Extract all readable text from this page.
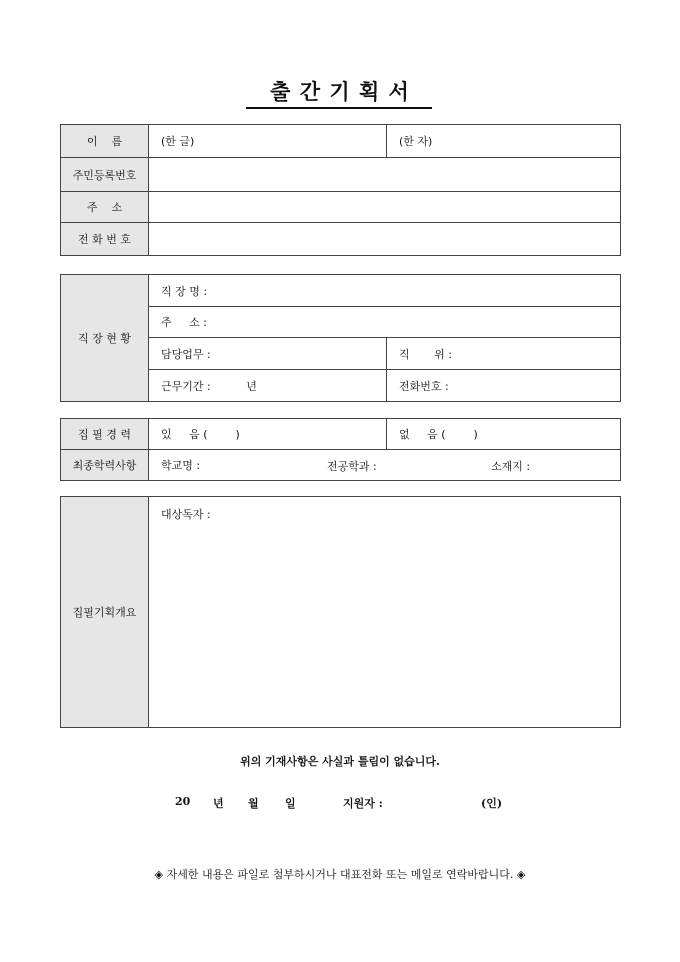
출 간 기 획 서
이    름	(한 글)	(한 자)
주민등록번호		
주    소		
전 화 번 호		
직 장 현 황	직 장 명 :	
	주     소 :	
	담당업무 :	직       위 :
	근무기간 : 년	전화번호 :
집 필 경 력	있     음 (        )	없     음 (        )
최종학력사항	학교명 : 전공학과 : 소재지 :	
집필기획개요	대상독자 :
위의 기재사항은 사실과 틀림이 없습니다.
20 년 월 일	지원자 :	(인)
◈ 자세한 내용은 파일로 첨부하시거나 대표전화 또는 메일로 연락바랍니다. ◈
